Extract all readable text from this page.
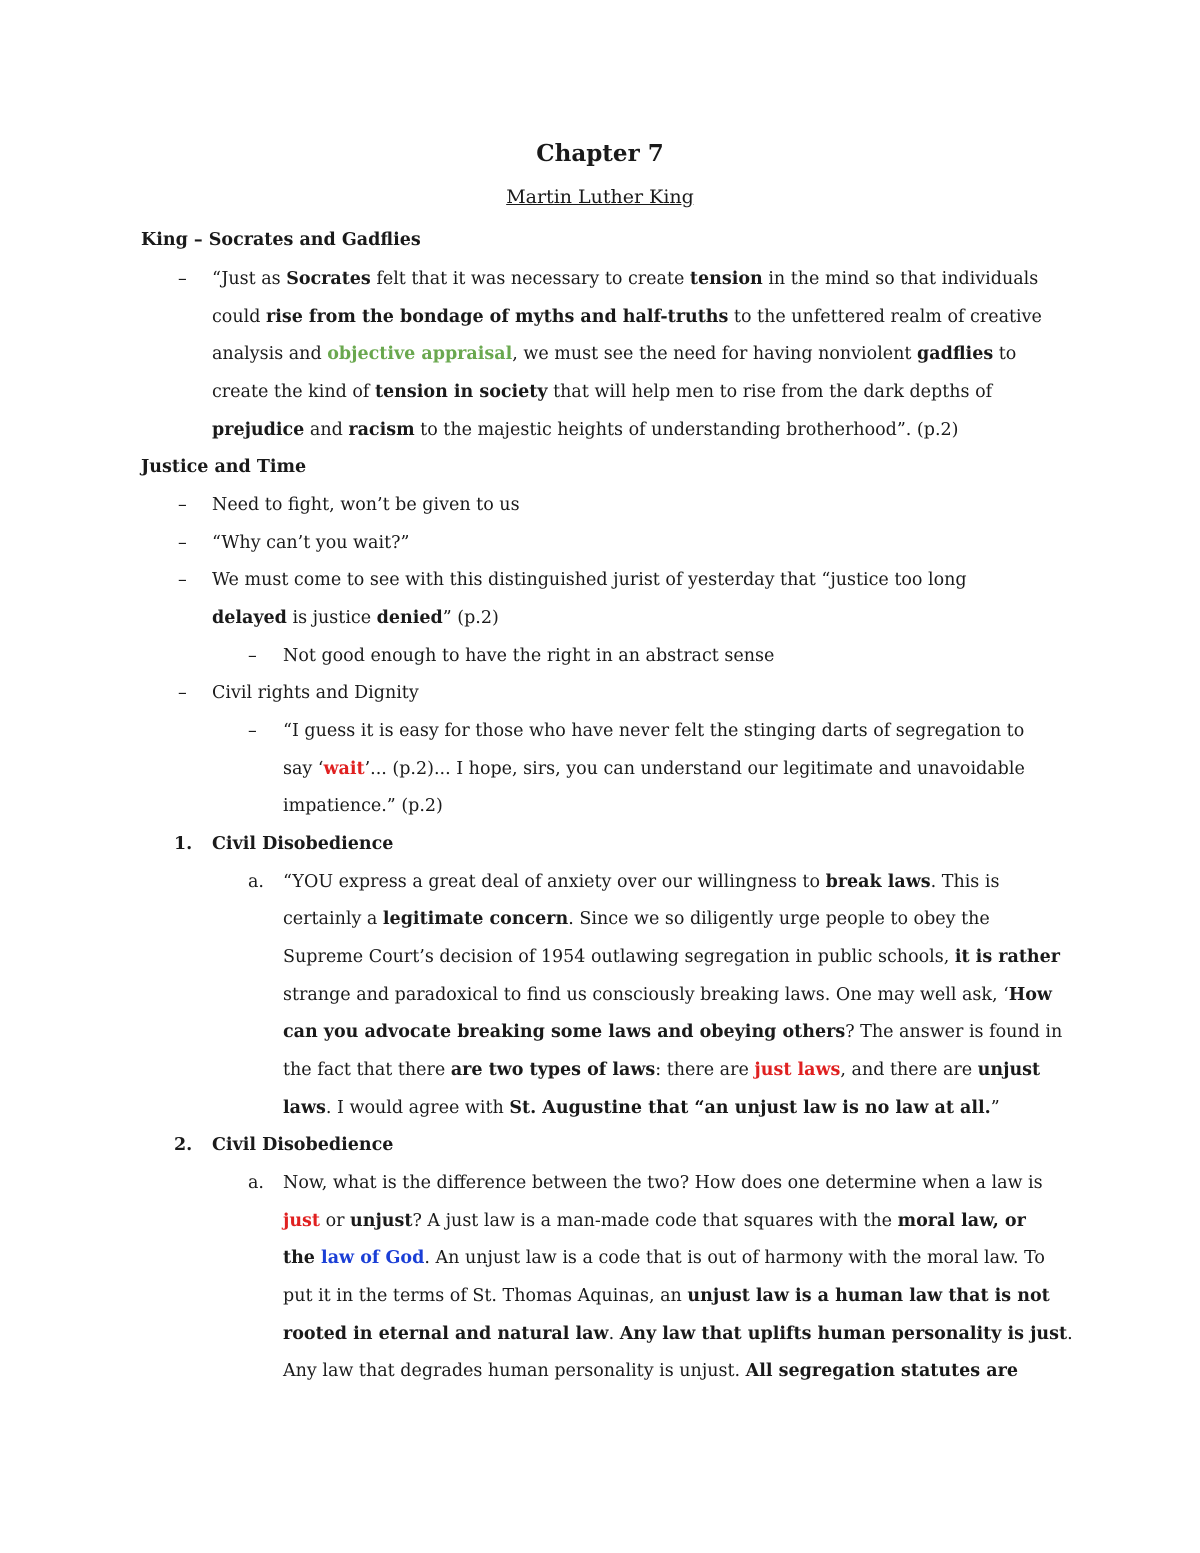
Chapter 7
Martin Luther King
King – Socrates and Gadflies
– “Just as Socrates felt that it was necessary to create tension in the mind so that individuals
could rise from the bondage of myths and half-truths to the unfettered realm of creative
analysis and objective appraisal, we must see the need for having nonviolent gadflies to
create the kind of tension in society that will help men to rise from the dark depths of
prejudice and racism to the majestic heights of understanding brotherhood”. (p.2)
Justice and Time
– Need to fight, won’t be given to us
– “Why can’t you wait?”
– We must come to see with this distinguished jurist of yesterday that “justice too long
delayed is justice denied” (p.2)
– Not good enough to have the right in an abstract sense
– Civil rights and Dignity
– “I guess it is easy for those who have never felt the stinging darts of segregation to
say ‘wait’... (p.2)... I hope, sirs, you can understand our legitimate and unavoidable
impatience.” (p.2)
1. Civil Disobedience
a. “YOU express a great deal of anxiety over our willingness to break laws. This is
certainly a legitimate concern. Since we so diligently urge people to obey the
Supreme Court’s decision of 1954 outlawing segregation in public schools, it is rather
strange and paradoxical to find us consciously breaking laws. One may well ask, ‘How
can you advocate breaking some laws and obeying others? The answer is found in
the fact that there are two types of laws: there are just laws, and there are unjust
laws. I would agree with St. Augustine that “an unjust law is no law at all.”
2. Civil Disobedience
a. Now, what is the difference between the two? How does one determine when a law is
just or unjust? A just law is a man-made code that squares with the moral law, or
the law of God. An unjust law is a code that is out of harmony with the moral law. To
put it in the terms of St. Thomas Aquinas, an unjust law is a human law that is not
rooted in eternal and natural law. Any law that uplifts human personality is just.
Any law that degrades human personality is unjust. All segregation statutes are
